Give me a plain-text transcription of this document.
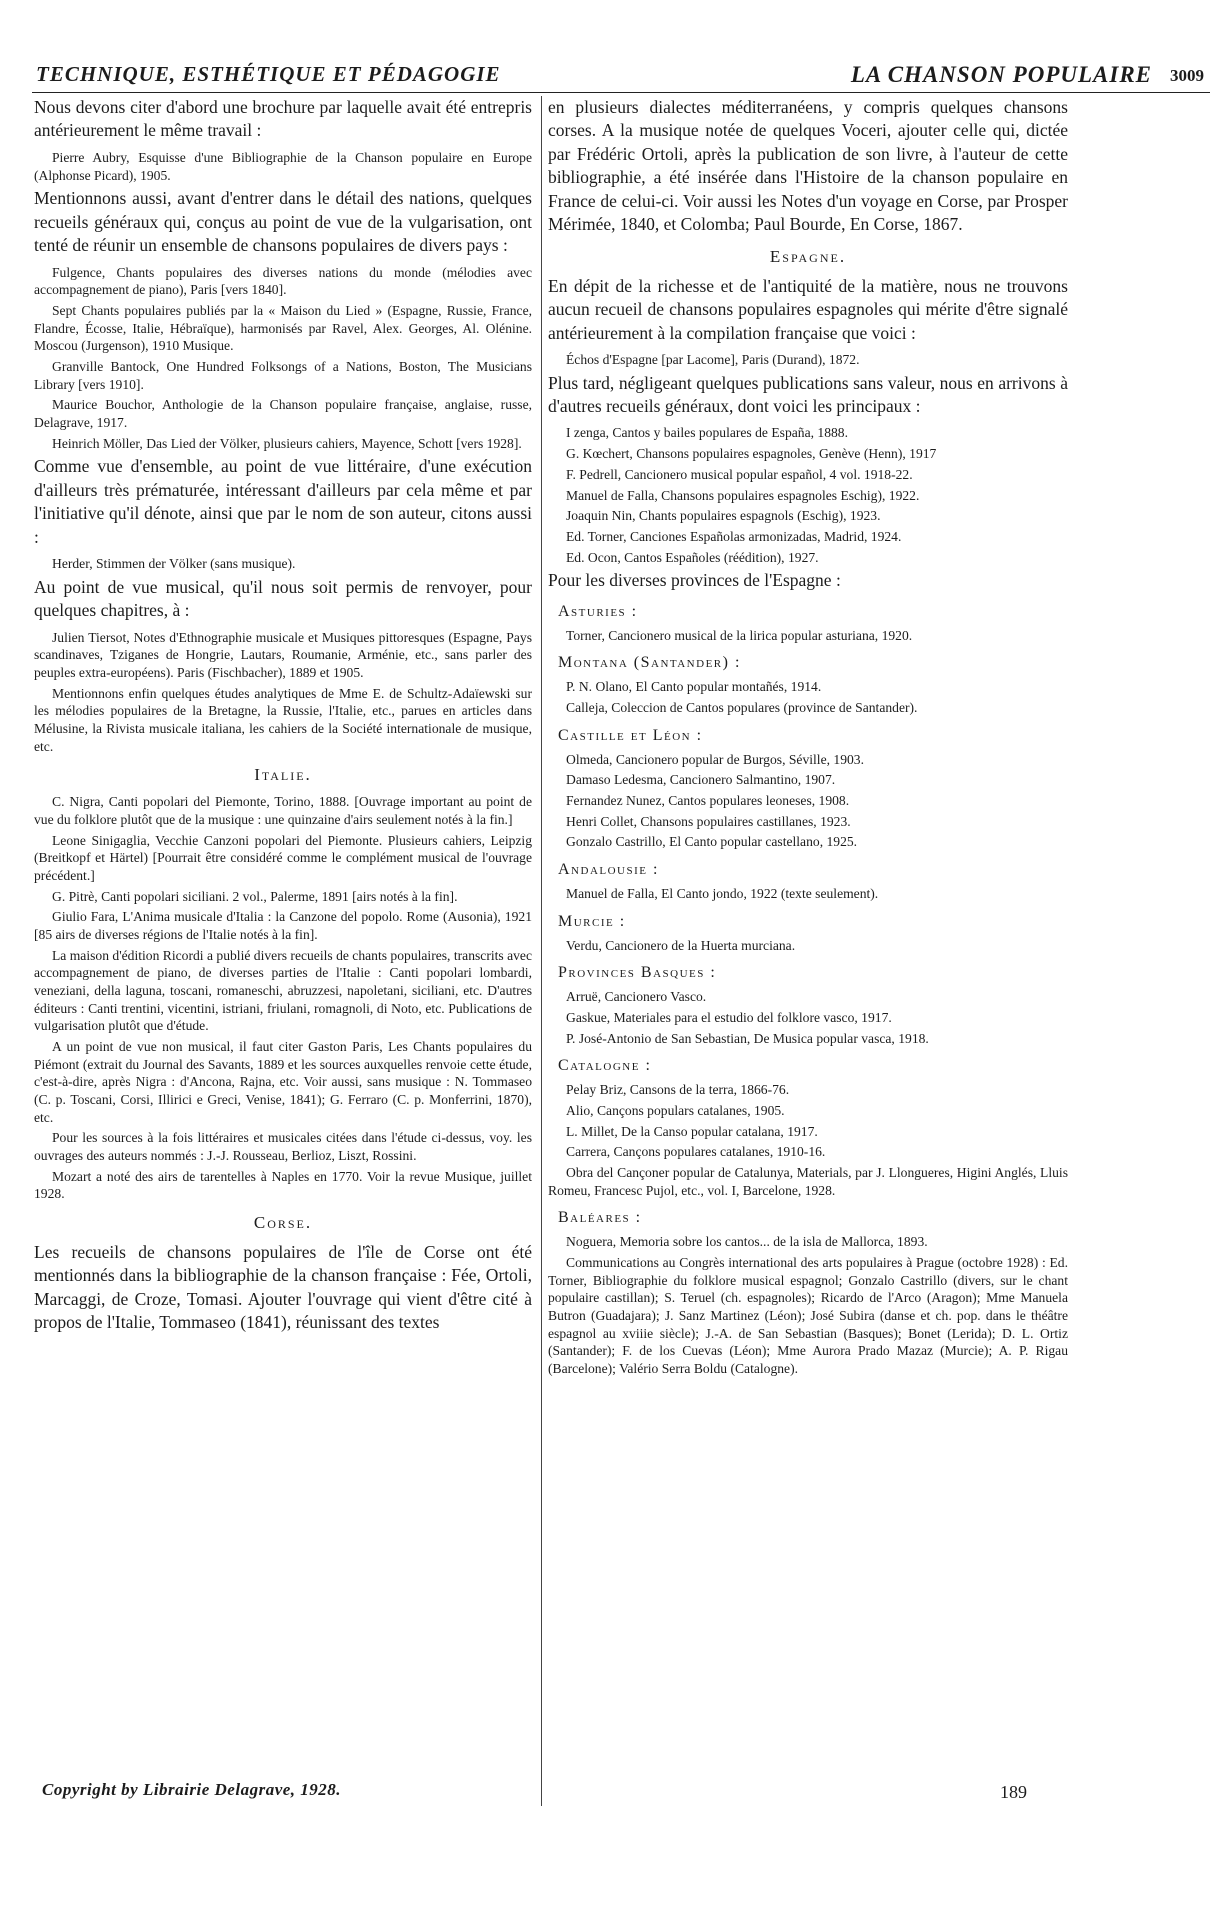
TECHNIQUE, ESTHÉTIQUE ET PÉDAGOGIE	LA CHANSON POPULAIRE 3009
Nous devons citer d'abord une brochure par laquelle avait été entrepris antérieurement le même travail :
Pierre Aubry, Esquisse d'une Bibliographie de la Chanson populaire en Europe (Alphonse Picard), 1905.
Mentionnons aussi, avant d'entrer dans le détail des nations, quelques recueils généraux qui, conçus au point de vue de la vulgarisation, ont tenté de réunir un ensemble de chansons populaires de divers pays :
Fulgence, Chants populaires des diverses nations du monde (mélodies avec accompagnement de piano), Paris [vers 1840].
Sept Chants populaires publiés par la « Maison du Lied » (Espagne, Russie, France, Flandre, Écosse, Italie, Hébraïque), harmonisés par Ravel, Alex. Georges, Al. Olénine. Moscou (Jurgenson), 1910 Musique.
Granville Bantock, One Hundred Folksongs of a Nations, Boston, The Musicians Library [vers 1910].
Maurice Bouchor, Anthologie de la Chanson populaire française, anglaise, russe, Delagrave, 1917.
Heinrich Möller, Das Lied der Völker, plusieurs cahiers, Mayence, Schott [vers 1928].
Comme vue d'ensemble, au point de vue littéraire, d'une exécution d'ailleurs très prématurée, intéressant d'ailleurs par cela même et par l'initiative qu'il dénote, ainsi que par le nom de son auteur, citons aussi :
Herder, Stimmen der Völker (sans musique).
Au point de vue musical, qu'il nous soit permis de renvoyer, pour quelques chapitres, à :
Julien Tiersot, Notes d'Ethnographie musicale et Musiques pittoresques (Espagne, Pays scandinaves, Tziganes de Hongrie, Lautars, Roumanie, Arménie, etc., sans parler des peuples extra-européens). Paris (Fischbacher), 1889 et 1905.
Mentionnons enfin quelques études analytiques de Mme E. de Schultz-Adaïewski sur les mélodies populaires de la Bretagne, la Russie, l'Italie, etc., parues en articles dans Mélusine, la Rivista musicale italiana, les cahiers de la Société internationale de musique, etc.
Italie.
C. Nigra, Canti popolari del Piemonte, Torino, 1888. [Ouvrage important au point de vue du folklore plutôt que de la musique : une quinzaine d'airs seulement notés à la fin.]
Leone Sinigaglia, Vecchie Canzoni popolari del Piemonte. Plusieurs cahiers, Leipzig (Breitkopf et Härtel) [Pourrait être considéré comme le complément musical de l'ouvrage précédent.]
G. Pitrè, Canti popolari siciliani. 2 vol., Palerme, 1891 [airs notés à la fin].
Giulio Fara, L'Anima musicale d'Italia : la Canzone del popolo. Rome (Ausonia), 1921 [85 airs de diverses régions de l'Italie notés à la fin].
La maison d'édition Ricordi a publié divers recueils de chants populaires, transcrits avec accompagnement de piano, de diverses parties de l'Italie : Canti popolari lombardi, veneziani, della laguna, toscani, romaneschi, abruzzesi, napoletani, siciliani, etc. D'autres éditeurs : Canti trentini, vicentini, istriani, friulani, romagnoli, di Noto, etc. Publications de vulgarisation plutôt que d'étude.
A un point de vue non musical, il faut citer Gaston Paris, Les Chants populaires du Piémont (extrait du Journal des Savants, 1889 et les sources auxquelles renvoie cette étude, c'est-à-dire, après Nigra : d'Ancona, Rajna, etc. Voir aussi, sans musique : N. Tommaseo (C. p. Toscani, Corsi, Illirici e Greci, Venise, 1841); G. Ferraro (C. p. Monferrini, 1870), etc.
Pour les sources à la fois littéraires et musicales citées dans l'étude ci-dessus, voy. les ouvrages des auteurs nommés : J.-J. Rousseau, Berlioz, Liszt, Rossini.
Mozart a noté des airs de tarentelles à Naples en 1770. Voir la revue Musique, juillet 1928.
Corse.
Les recueils de chansons populaires de l'île de Corse ont été mentionnés dans la bibliographie de la chanson française : Fée, Ortoli, Marcaggi, de Croze, Tomasi. Ajouter l'ouvrage qui vient d'être cité à propos de l'Italie, Tommaseo (1841), réunissant des textes
en plusieurs dialectes méditerranéens, y compris quelques chansons corses. A la musique notée de quelques Voceri, ajouter celle qui, dictée par Frédéric Ortoli, après la publication de son livre, à l'auteur de cette bibliographie, a été insérée dans l'Histoire de la chanson populaire en France de celui-ci. Voir aussi les Notes d'un voyage en Corse, par Prosper Mérimée, 1840, et Colomba; Paul Bourde, En Corse, 1867.
Espagne.
En dépit de la richesse et de l'antiquité de la matière, nous ne trouvons aucun recueil de chansons populaires espagnoles qui mérite d'être signalé antérieurement à la compilation française que voici :
Échos d'Espagne [par Lacome], Paris (Durand), 1872.
Plus tard, négligeant quelques publications sans valeur, nous en arrivons à d'autres recueils généraux, dont voici les principaux :
I zenga, Cantos y bailes populares de España, 1888.
G. Kœchert, Chansons populaires espagnoles, Genève (Henn), 1917
F. Pedrell, Cancionero musical popular español, 4 vol. 1918-22.
Manuel de Falla, Chansons populaires espagnoles Eschig), 1922.
Joaquin Nin, Chants populaires espagnols (Eschig), 1923.
Ed. Torner, Canciones Españolas armonizadas, Madrid, 1924.
Ed. Ocon, Cantos Españoles (réédition), 1927.
Pour les diverses provinces de l'Espagne :
Asturies :
Torner, Cancionero musical de la lirica popular asturiana, 1920.
Montana (Santander) :
P. N. Olano, El Canto popular montañés, 1914.
Calleja, Coleccion de Cantos populares (province de Santander).
Castille et Léon :
Olmeda, Cancionero popular de Burgos, Séville, 1903.
Damaso Ledesma, Cancionero Salmantino, 1907.
Fernandez Nunez, Cantos populares leoneses, 1908.
Henri Collet, Chansons populaires castillanes, 1923.
Gonzalo Castrillo, El Canto popular castellano, 1925.
Andalousie :
Manuel de Falla, El Canto jondo, 1922 (texte seulement).
Murcie :
Verdu, Cancionero de la Huerta murciana.
Provinces Basques :
Arruë, Cancionero Vasco.
Gaskue, Materiales para el estudio del folklore vasco, 1917.
P. José-Antonio de San Sebastian, De Musica popular vasca, 1918.
Catalogne :
Pelay Briz, Cansons de la terra, 1866-76.
Alio, Cançons populars catalanes, 1905.
L. Millet, De la Canso popular catalana, 1917.
Carrera, Cançons populares catalanes, 1910-16.
Obra del Cançoner popular de Catalunya, Materials, par J. Llongueres, Higini Anglés, Lluis Romeu, Francesc Pujol, etc., vol. I, Barcelone, 1928.
Baléares :
Noguera, Memoria sobre los cantos... de la isla de Mallorca, 1893.
Communications au Congrès international des arts populaires à Prague (octobre 1928) : Ed. Torner, Bibliographie du folklore musical espagnol; Gonzalo Castrillo (divers, sur le chant populaire castillan); S. Teruel (ch. espagnoles); Ricardo de l'Arco (Aragon); Mme Manuela Butron (Guadajara); J. Sanz Martinez (Léon); José Subira (danse et ch. pop. dans le théâtre espagnol au xviiie siècle); J.-A. de San Sebastian (Basques); Bonet (Lerida); D. L. Ortiz (Santander); F. de los Cuevas (Léon); Mme Aurora Prado Mazaz (Murcie); A. P. Rigau (Barcelone); Valério Serra Boldu (Catalogne).
Copyright by Librairie Delagrave, 1928.	189
